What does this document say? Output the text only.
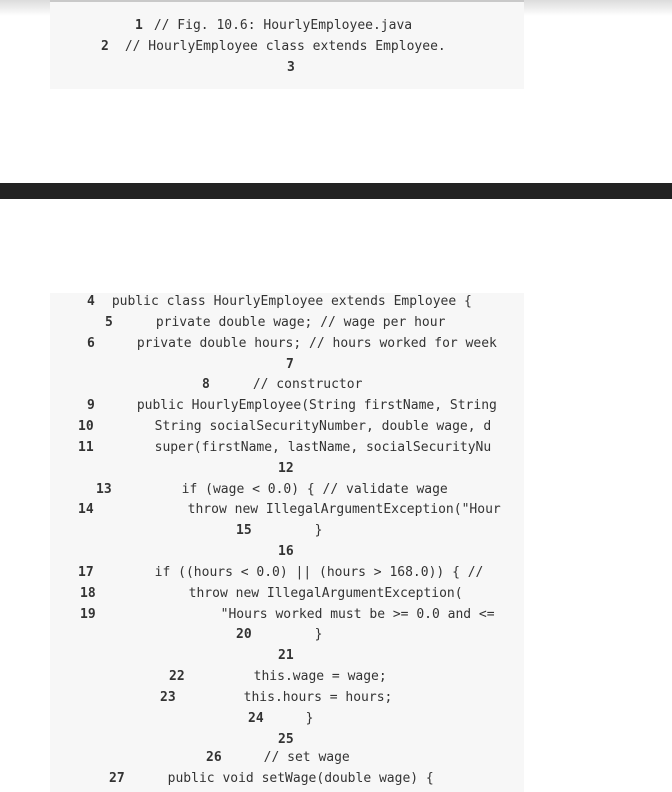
1 // Fig. 10.6: HourlyEmployee.java
2 // HourlyEmployee class extends Employee.
3
4 public class HourlyEmployee extends Employee {
5	private double wage; // wage per hour
6	private double hours; // hours worked for week
7
8	// constructor
9	public HourlyEmployee(String firstName, String
10	String socialSecurityNumber, double wage, d
11	super(firstName, lastName, socialSecurityNu
12
13	if (wage < 0.0) { // validate wage
14	throw new IllegalArgumentException("Hour
15	}
16
17	if ((hours < 0.0) || (hours > 168.0)) { //
18	throw new IllegalArgumentException(
19	"Hours worked must be >= 0.0 and <=
20	}
21
22	this.wage = wage;
23	this.hours = hours;
24	}
25
26	// set wage
27	public void setWage(double wage) {
